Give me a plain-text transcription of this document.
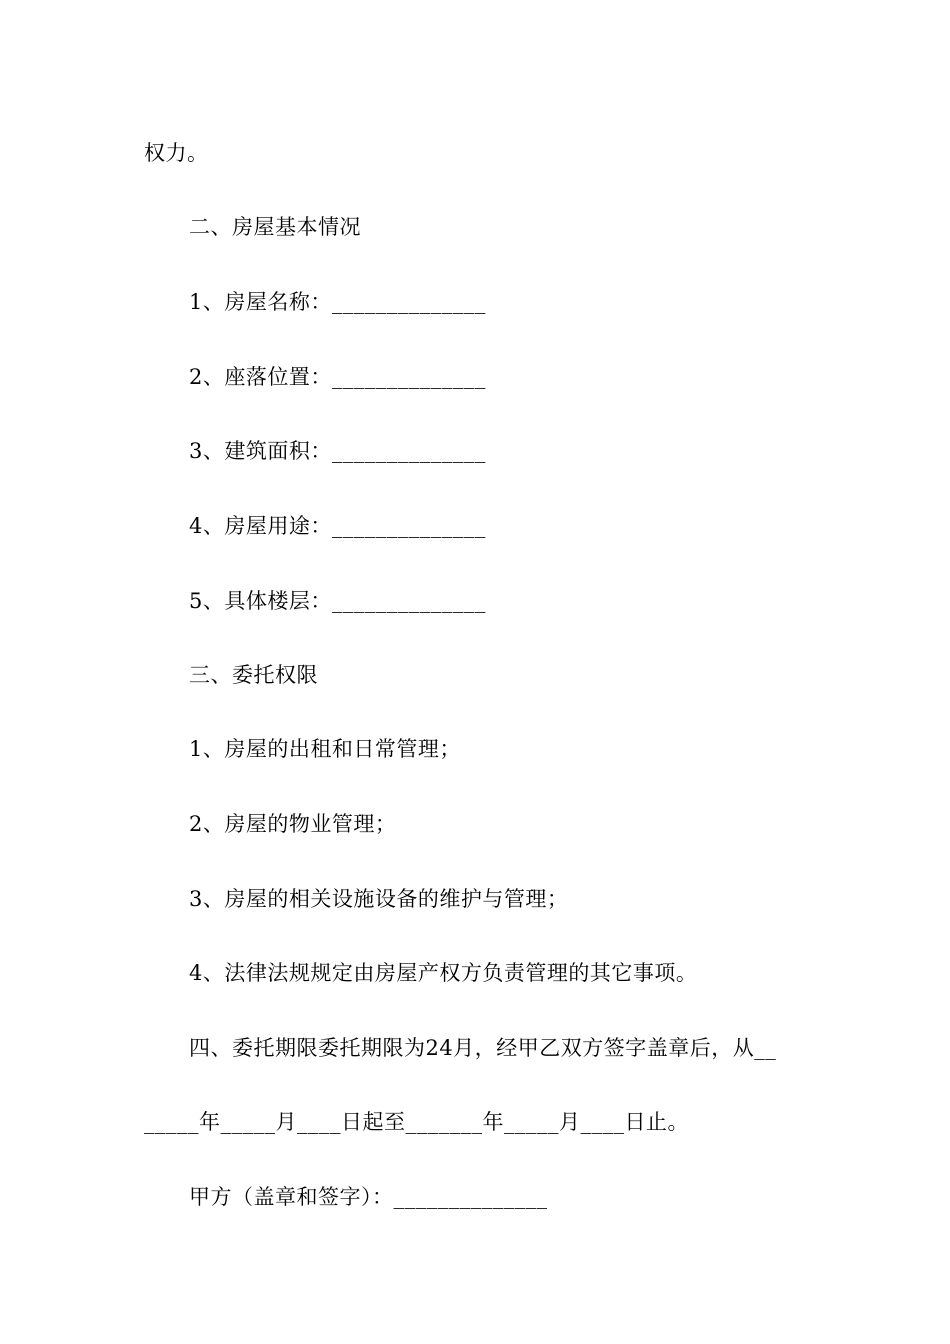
权力。
二、房屋基本情况
1、房屋名称：______________
2、座落位置：______________
3、建筑面积：______________
4、房屋用途：______________
5、具体楼层：______________
三、委托权限
1、房屋的出租和日常管理；
2、房屋的物业管理；
3、房屋的相关设施设备的维护与管理；
4、法律法规规定由房屋产权方负责管理的其它事项。
四、委托期限委托期限为24月，经甲乙双方签字盖章后，从__
_____年_____月____日起至_______年_____月____日止。
甲方（盖章和签字）：______________
